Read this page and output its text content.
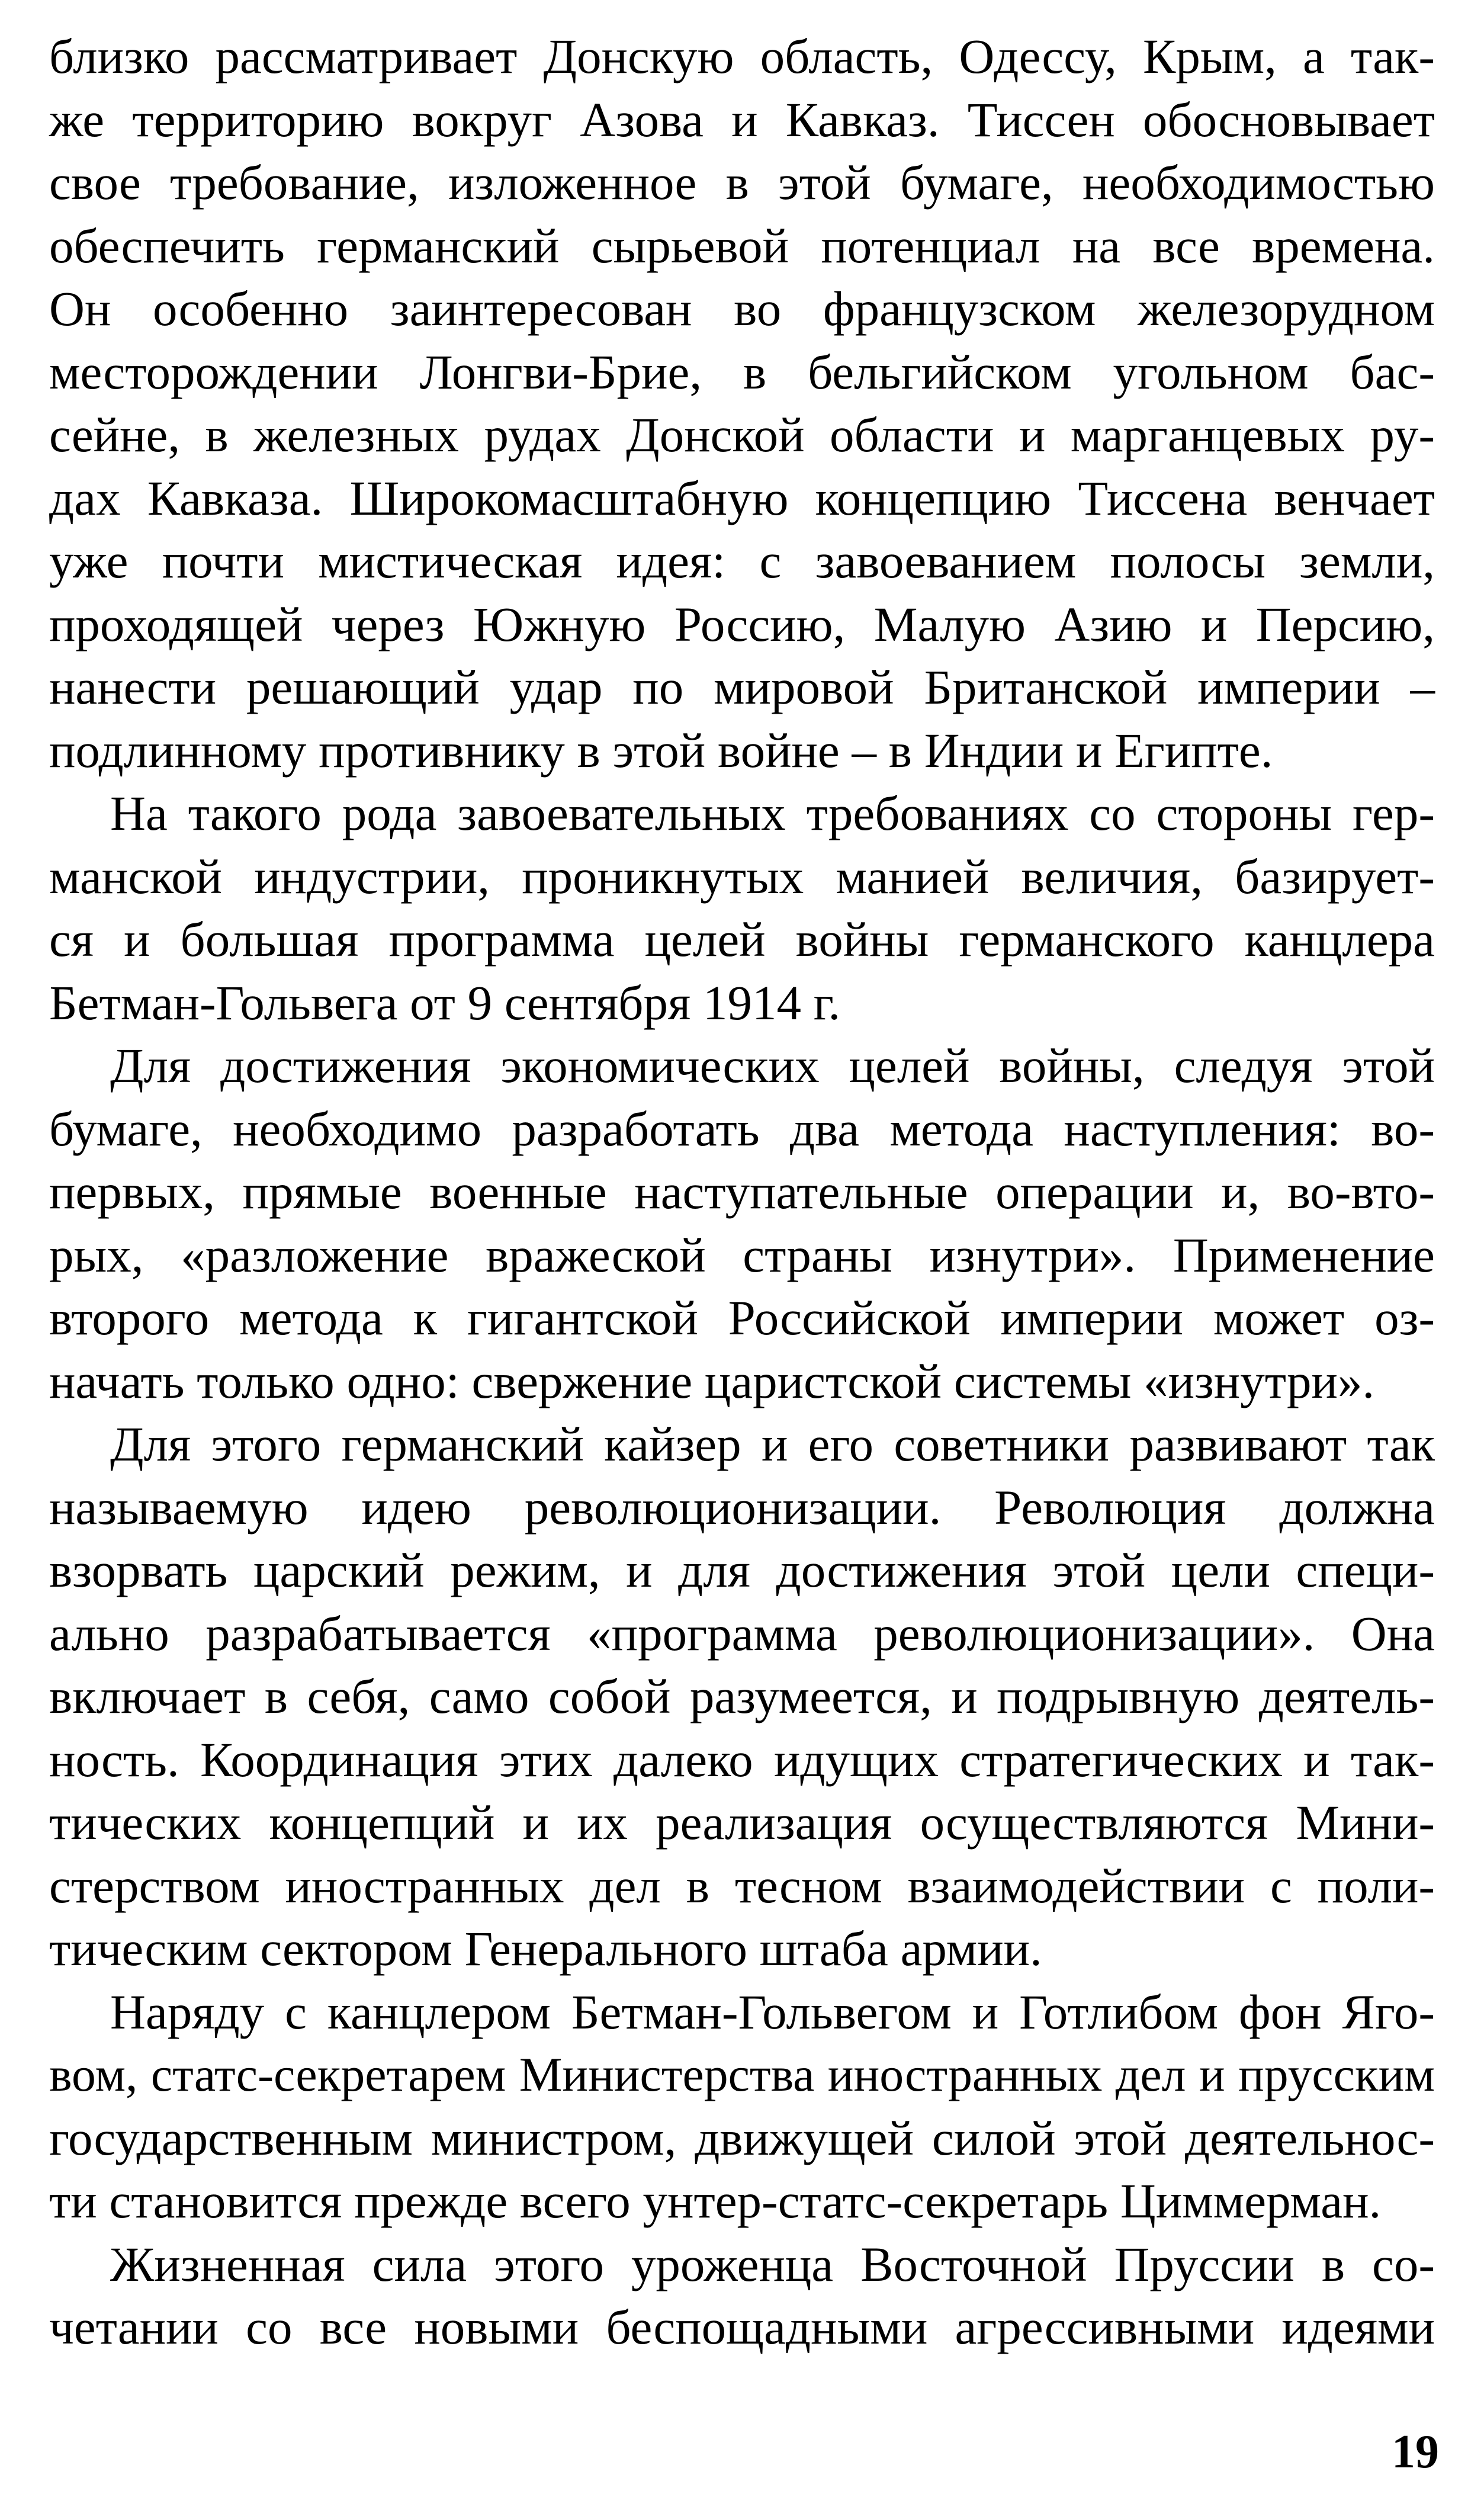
близко рассматривает Донскую область, Одессу, Крым, а так-
же территорию вокруг Азова и Кавказ. Тиссен обосновывает
свое требование, изложенное в этой бумаге, необходимостью
обеспечить германский сырьевой потенциал на все времена.
Он особенно заинтересован во французском железорудном
месторождении Лонгви-Брие, в бельгийском угольном бас-
сейне, в железных рудах Донской области и марганцевых ру-
дах Кавказа. Широкомасштабную концепцию Тиссена венчает
уже почти мистическая идея: с завоеванием полосы земли,
проходящей через Южную Россию, Малую Азию и Персию,
нанести решающий удар по мировой Британской империи –
подлинному противнику в этой войне – в Индии и Египте.
На такого рода завоевательных требованиях со стороны гер-
манской индустрии, проникнутых манией величия, базирует-
ся и большая программа целей войны германского канцлера
Бетман-Гольвега от 9 сентября 1914 г.
Для достижения экономических целей войны, следуя этой
бумаге, необходимо разработать два метода наступления: во-
первых, прямые военные наступательные операции и, во-вто-
рых, «разложение вражеской страны изнутри». Применение
второго метода к гигантской Российской империи может оз-
начать только одно: свержение царистской системы «изнутри».
Для этого германский кайзер и его советники развивают так
называемую идею революционизации. Революция должна
взорвать царский режим, и для достижения этой цели специ-
ально разрабатывается «программа революционизации». Она
включает в себя, само собой разумеется, и подрывную деятель-
ность. Координация этих далеко идущих стратегических и так-
тических концепций и их реализация осуществляются Мини-
стерством иностранных дел в тесном взаимодействии с поли-
тическим сектором Генерального штаба армии.
Наряду с канцлером Бетман-Гольвегом и Готлибом фон Яго-
вом, статс-секретарем Министерства иностранных дел и прусским
государственным министром, движущей силой этой деятельнос-
ти становится прежде всего унтер-статс-секретарь Циммерман.
Жизненная сила этого уроженца Восточной Пруссии в со-
четании со все новыми беспощадными агрессивными идеями
19
